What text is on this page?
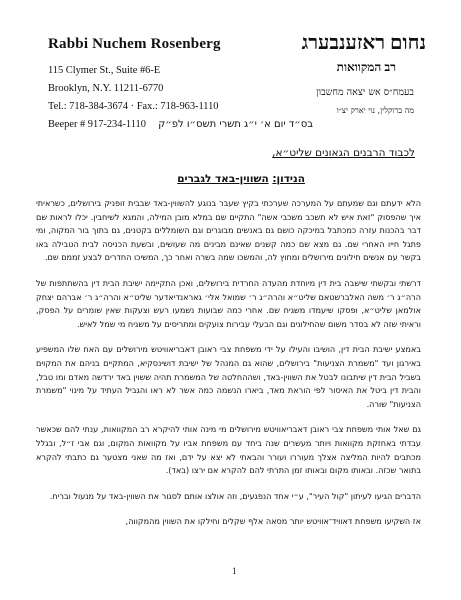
Rabbi Nuchem Rosenberg
115 Clymer St., Suite #6-E
Brooklyn, N.Y. 11211-6770
Tel.: 718-384-3674 · Fax.: 718-963-1110
Beeper # 917-234-1110
נחום ראזענבערג
רב המקוואות
בעמח״ס אש יצאה מחשבון
מה ברוקלין, נוי יארק יצ״ו
בס״ד יום א׳ י״ג תשרי תשס״ו לפ״ק
לכבוד הרבנים הגאונים שליט״א,
הנידון: השווין-באד לגברים

הלא ידעתם וגם שמעתם על המערכה שערכתי בקיץ שעבר בנוגע להשווין-באד שבבית זופניק בירושלים, כשראיתי איך שהפסוק "זאת איש לא תשכב משכבי אשה" התקיים שם במלא מובן המילה, והמגא לשיחבין. יכלו לראות שם דבר בהכנות עזרה כמכתבל במיכקה כושם גם באנשים מבוגרים וגם השומללים בקטנים, גם בתוך בור המקוה, ומי פתגל חייו האחרי שם. גם מצא שם כמה קשנים שאינם מבינים מה שעושים, ובשעת הכניסה לבית הטבילה באו בקשר עם אנשים חילונים מירושלים ומחוץ לה, והמשכו שמה בשרה ואחר כך, המשיכו החדרים לבצע זממם שם.

דרשתי ובקשתי שישבה בית דין מיוחדת מהעדה החרדית בירושלים, ואכן התקיימה ישיבת הבית דין בהשתתפות של הרה״ג ר׳ משה האלברשטאם שליט״א והרה״ג ר׳ שמואל אלי׳ גאראנדיאדער שליט״א והרה״ג ר׳ אברהם יצחק אולמאן שליט״א, ופסקו שיעמדו משגיח שם. אחרי כמה שבועות נשמעו רעש וצעקות שאין שומרים על הפסק, וראיתי שזה לא בסדר משום שהחילונים וגם הבעלי עבירות צועקים ומתריסים על משגיח מי שמל לאיש.

באמצע ישיבת הבית דין, הושיבו והעילו על ידי משפחת צבי ראובן דאבריאוויטש מירושלים עם האח שלו המשפיע באירגון ועד "משמרת הצניעות" בירושלים, שהוא גם המנהל של ישיבת דושינסקיא, המתקיים בניהם את המקוים בשביל הבית דין שיתבונו לבטל את השווין-באד, ושההחלטה של המשמרת תהיה ששוין באד ירדשה מאדם ומו טבל, והבית דין ביטל את האיסור לפי הוראת מאד, ביארו הנשמה כמה אשר לא ראו והגביל העתיד על מינוי "משמרת הצניעות" שורה.

גם שאל אותי משפחת צבי ראובן דאבריאוויטש מירושלים מי מינה אותי להיקרא רב המקוואות, ענתי להם שכאשר עבדתי באחזקת מקוואות ויותר מעשרים שנה ביחד עם משפחת אביו על מקוואות המקום, וגם אבי ז״ל, ובגלל מכתבים להיות המליצה אצלך מעוררו ועורר והבאתי לא יצא על ידם, ואז מה שאני מצטער גם כתבתי להקרא בתואר שכזה. ובאותו מקום ובאותו זמן התרתי להם להקרא אם ירצו (באד).

הדברים הגיעו לעיתון "קול העיר", ע״י אחד הנפגעים, וזה אולצו אותם לסגור את השווין-באד על מנעול ובריח.

אז השקיעו משפחת דאוויד־אוויטש יותר מסאה אלף שקלים וחילקו את השווין מהמקווה,

1
